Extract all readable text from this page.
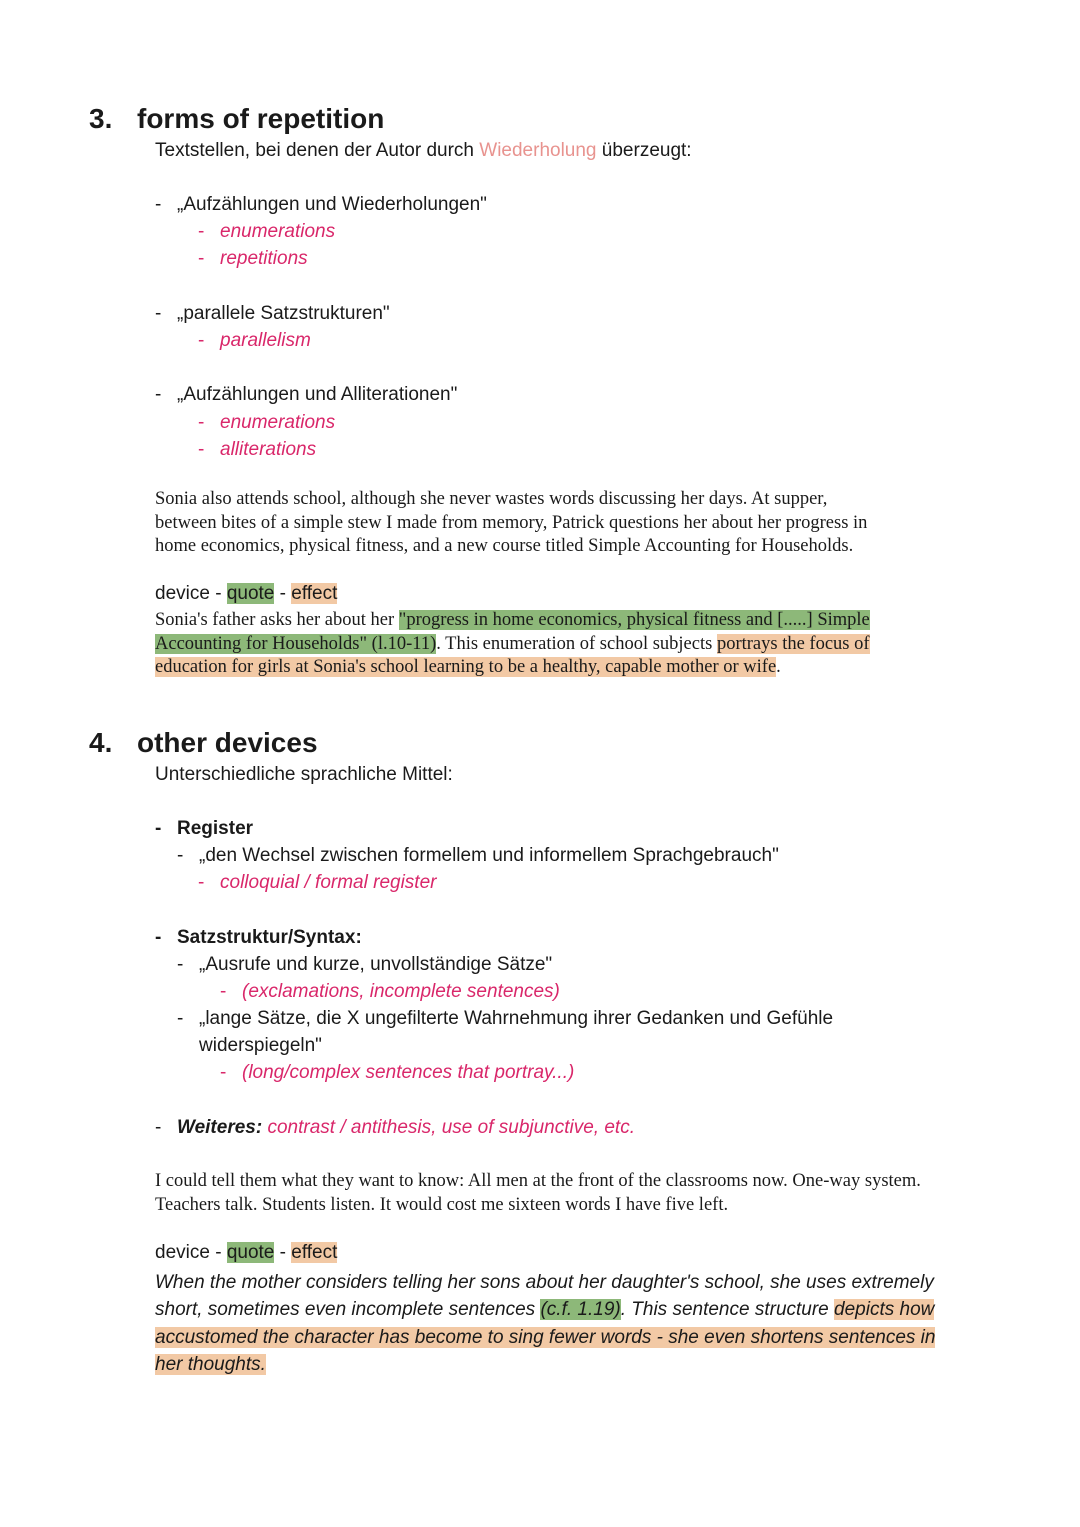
3. forms of repetition
Textstellen, bei denen der Autor durch Wiederholung überzeugt:
- „Aufzählungen und Wiederholungen"
- enumerations
- repetitions
- „parallele Satzstrukturen"
- parallelism
- „Aufzählungen und Alliterationen"
- enumerations
- alliterations
Sonia also attends school, although she never wastes words discussing her days. At supper,
between bites of a simple stew I made from memory, Patrick questions her about her progress in
home economics, physical fitness, and a new course titled Simple Accounting for Households.
device - quote - effect
Sonia's father asks her about her "progress in home economics, physical fitness and [.....] Simple
Accounting for Households" (l.10-11). This enumeration of school subjects portrays the focus of
education for girls at Sonia's school learning to be a healthy, capable mother or wife.
4. other devices
Unterschiedliche sprachliche Mittel:
- Register
- „den Wechsel zwischen formellem und informellem Sprachgebrauch"
- colloquial / formal register
- Satzstruktur/Syntax:
- „Ausrufe und kurze, unvollständige Sätze"
- (exclamations, incomplete sentences)
- „lange Sätze, die X ungefilterte Wahrnehmung ihrer Gedanken und Gefühle
widerspiegeln"
- (long/complex sentences that portray...)
- Weiteres: contrast / antithesis, use of subjunctive, etc.
I could tell them what they want to know: All men at the front of the classrooms now. One-way system.
Teachers talk. Students listen. It would cost me sixteen words I have five left.
device - quote - effect
When the mother considers telling her sons about her daughter's school, she uses extremely
short, sometimes even incomplete sentences (c.f. 1.19). This sentence structure depicts how
accustomed the character has become to sing fewer words - she even shortens sentences in
her thoughts.
